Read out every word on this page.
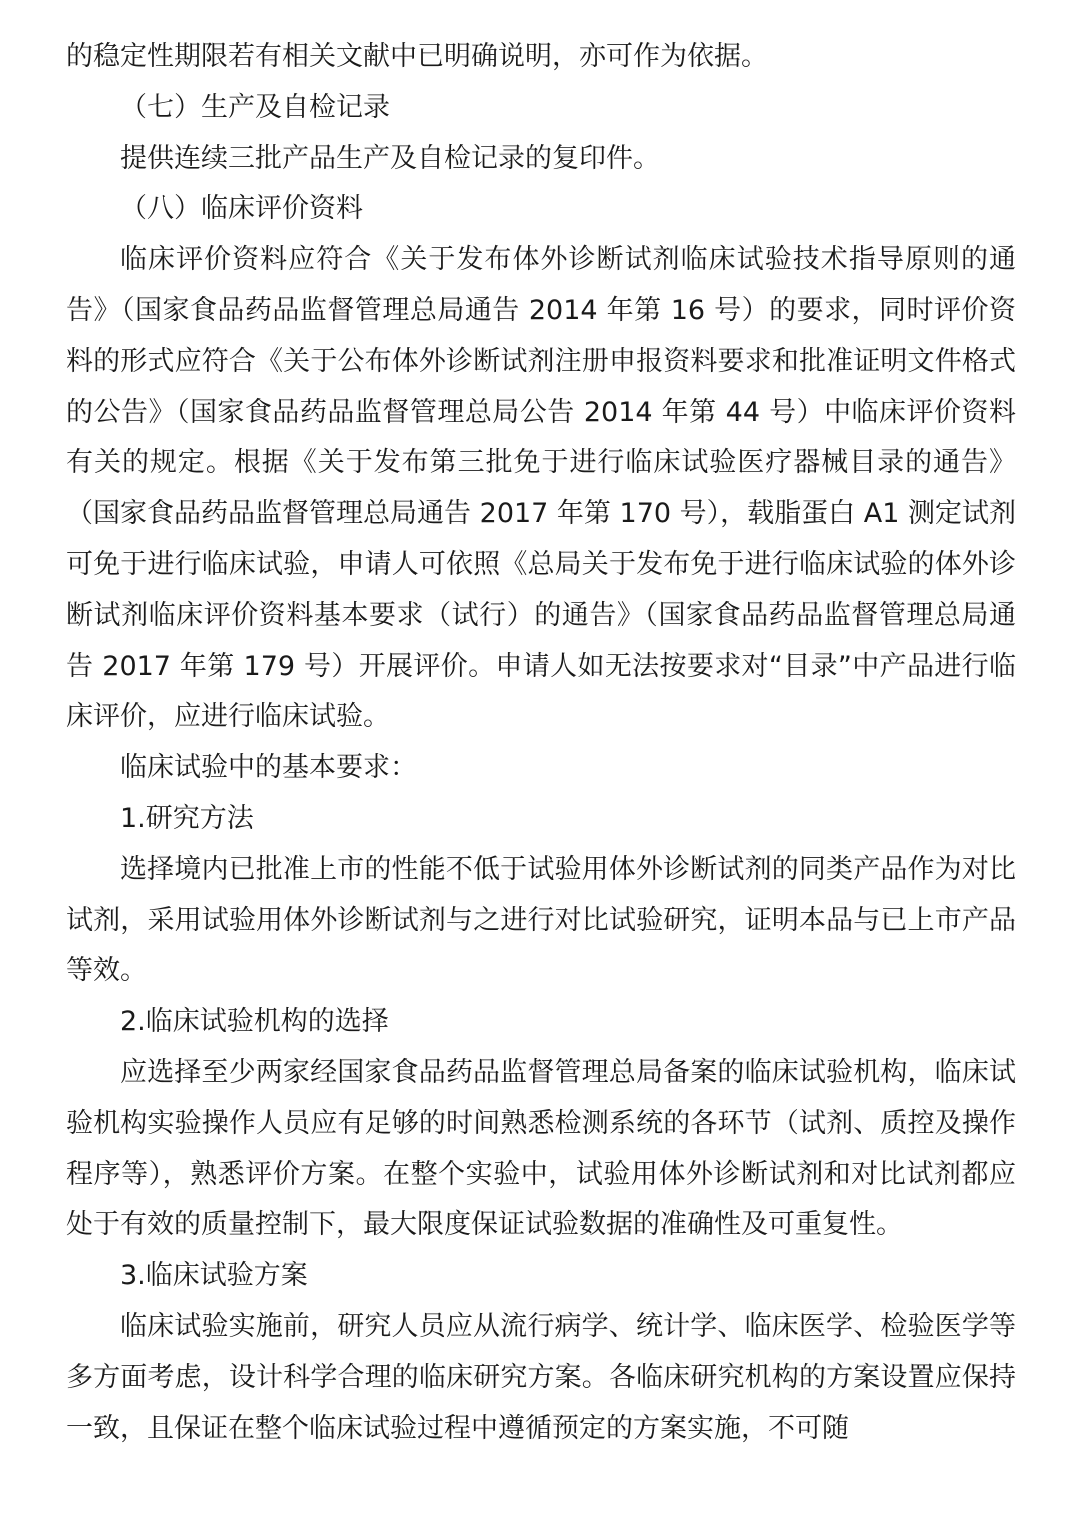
的稳定性期限若有相关文献中已明确说明，亦可作为依据。

（七）生产及自检记录

提供连续三批产品生产及自检记录的复印件。

（八）临床评价资料

临床评价资料应符合《关于发布体外诊断试剂临床试验技术指导原则的通告》（国家食品药品监督管理总局通告 2014 年第 16 号）的要求，同时评价资料的形式应符合《关于公布体外诊断试剂注册申报资料要求和批准证明文件格式的公告》（国家食品药品监督管理总局公告 2014 年第 44 号）中临床评价资料有关的规定。根据《关于发布第三批免于进行临床试验医疗器械目录的通告》（国家食品药品监督管理总局通告 2017 年第 170 号），载脂蛋白 A1 测定试剂可免于进行临床试验，申请人可依照《总局关于发布免于进行临床试验的体外诊断试剂临床评价资料基本要求（试行）的通告》（国家食品药品监督管理总局通告 2017 年第 179 号）开展评价。申请人如无法按要求对“目录”中产品进行临床评价，应进行临床试验。

临床试验中的基本要求：

1.研究方法

选择境内已批准上市的性能不低于试验用体外诊断试剂的同类产品作为对比试剂，采用试验用体外诊断试剂与之进行对比试验研究，证明本品与已上市产品等效。

2.临床试验机构的选择

应选择至少两家经国家食品药品监督管理总局备案的临床试验机构，临床试验机构实验操作人员应有足够的时间熟悉检测系统的各环节（试剂、质控及操作程序等），熟悉评价方案。在整个实验中，试验用体外诊断试剂和对比试剂都应处于有效的质量控制下，最大限度保证试验数据的准确性及可重复性。

3.临床试验方案

临床试验实施前，研究人员应从流行病学、统计学、临床医学、检验医学等多方面考虑，设计科学合理的临床研究方案。各临床研究机构的方案设置应保持一致，且保证在整个临床试验过程中遵循预定的方案实施，不可随
